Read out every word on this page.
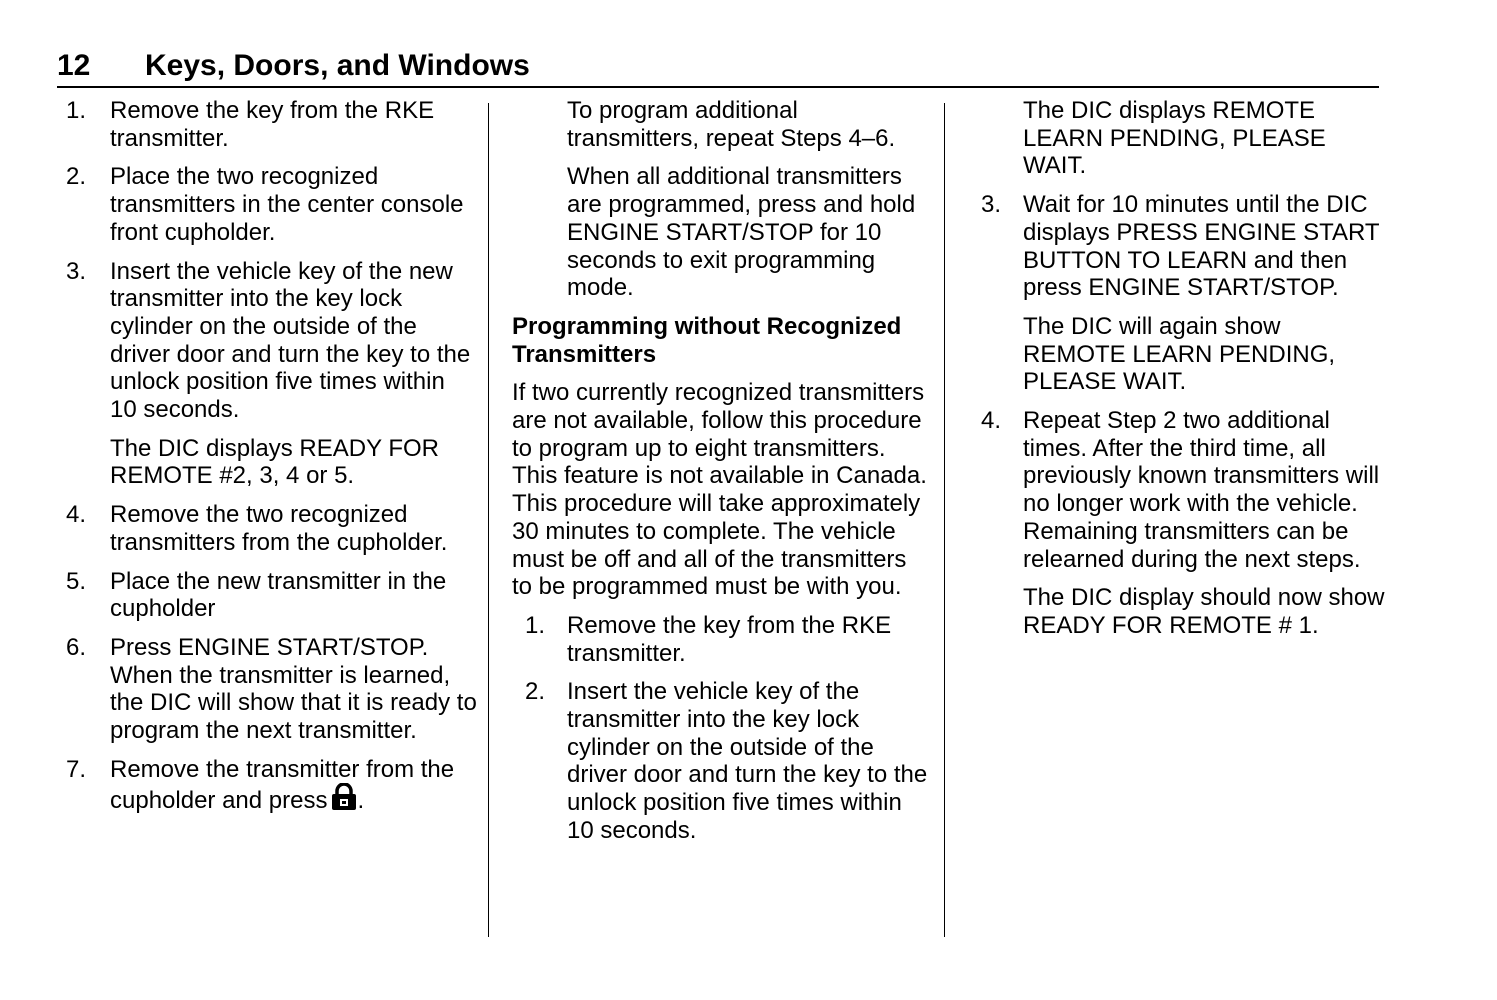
12 Keys, Doors, and Windows
1. Remove the key from the RKE transmitter.
2. Place the two recognized transmitters in the center console front cupholder.
3. Insert the vehicle key of the new transmitter into the key lock cylinder on the outside of the driver door and turn the key to the unlock position five times within 10 seconds.
The DIC displays READY FOR REMOTE #2, 3, 4 or 5.
4. Remove the two recognized transmitters from the cupholder.
5. Place the new transmitter in the cupholder
6. Press ENGINE START/STOP. When the transmitter is learned, the DIC will show that it is ready to program the next transmitter.
7. Remove the transmitter from the cupholder and press .
To program additional transmitters, repeat Steps 4–6.
When all additional transmitters are programmed, press and hold ENGINE START/STOP for 10 seconds to exit programming mode.
Programming without Recognized Transmitters
If two currently recognized transmitters are not available, follow this procedure to program up to eight transmitters. This feature is not available in Canada. This procedure will take approximately 30 minutes to complete. The vehicle must be off and all of the transmitters to be programmed must be with you.
1. Remove the key from the RKE transmitter.
2. Insert the vehicle key of the transmitter into the key lock cylinder on the outside of the driver door and turn the key to the unlock position five times within 10 seconds.
The DIC displays REMOTE LEARN PENDING, PLEASE WAIT.
3. Wait for 10 minutes until the DIC displays PRESS ENGINE START BUTTON TO LEARN and then press ENGINE START/STOP.
The DIC will again show REMOTE LEARN PENDING, PLEASE WAIT.
4. Repeat Step 2 two additional times. After the third time, all previously known transmitters will no longer work with the vehicle. Remaining transmitters can be relearned during the next steps.
The DIC display should now show READY FOR REMOTE # 1.
